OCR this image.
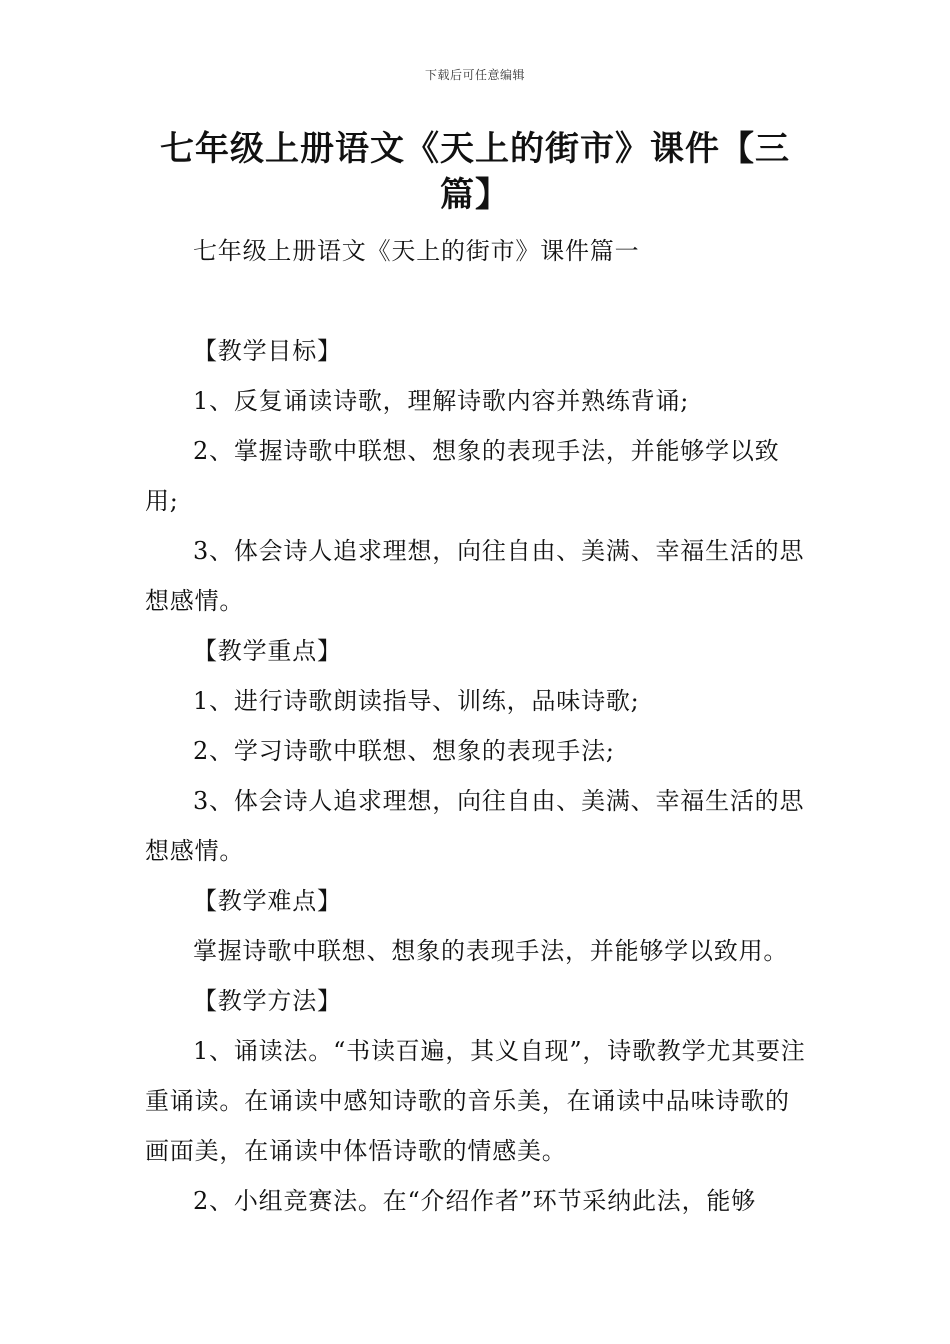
下载后可任意编辑
七年级上册语文《天上的街市》课件【三篇】

七年级上册语文《天上的街市》课件篇一

【教学目标】

1、反复诵读诗歌，理解诗歌内容并熟练背诵;

2、掌握诗歌中联想、想象的表现手法，并能够学以致用;

3、体会诗人追求理想，向往自由、美满、幸福生活的思想感情。

【教学重点】

1、进行诗歌朗读指导、训练，品味诗歌;

2、学习诗歌中联想、想象的表现手法;

3、体会诗人追求理想，向往自由、美满、幸福生活的思想感情。

【教学难点】

掌握诗歌中联想、想象的表现手法，并能够学以致用。

【教学方法】

1、诵读法。“书读百遍，其义自现”，诗歌教学尤其要注重诵读。在诵读中感知诗歌的音乐美，在诵读中品味诗歌的画面美，在诵读中体悟诗歌的情感美。

2、小组竞赛法。在“介绍作者”环节采纳此法，能够
